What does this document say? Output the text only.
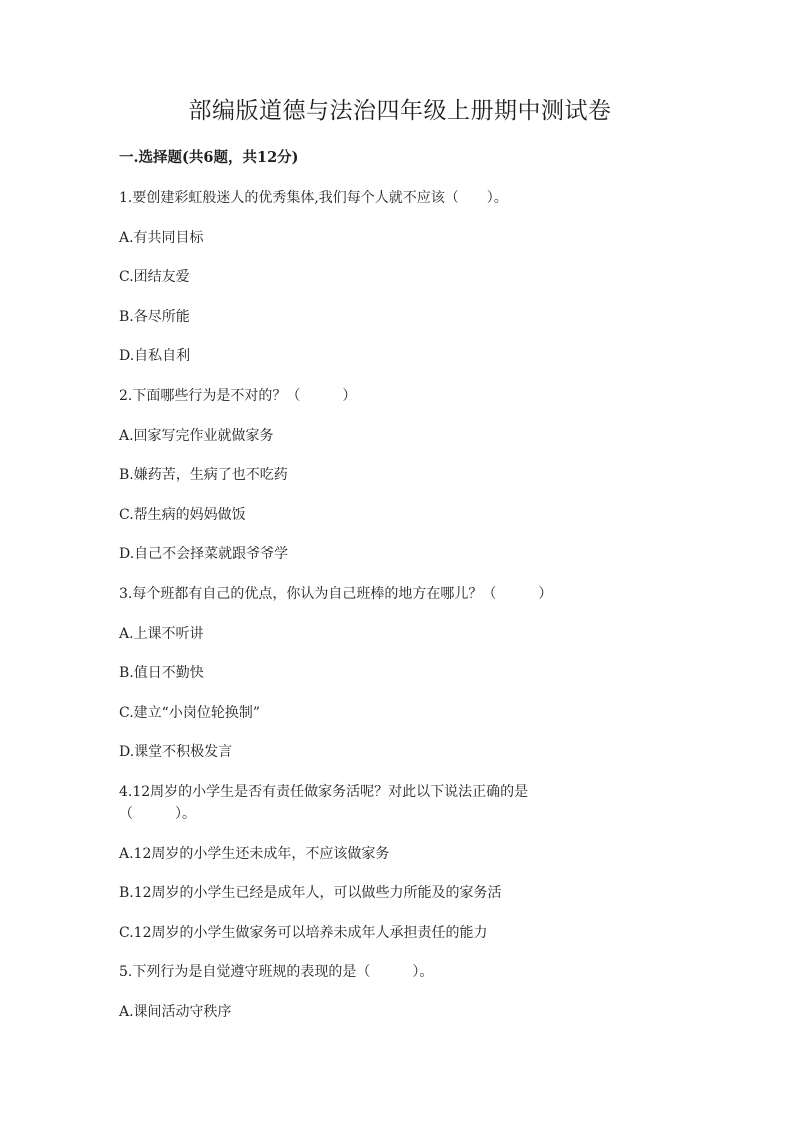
部编版道德与法治四年级上册期中测试卷
一.选择题(共6题，共12分)
1.要创建彩虹般迷人的优秀集体,我们每个人就不应该（　　）。
A.有共同目标
C.团结友爱
B.各尽所能
D.自私自利
2.下面哪些行为是不对的？（　　　）
A.回家写完作业就做家务
B.嫌药苦，生病了也不吃药
C.帮生病的妈妈做饭
D.自己不会择菜就跟爷爷学
3.每个班都有自己的优点，你认为自己班棒的地方在哪儿？（　　　）
A.上课不听讲
B.值日不勤快
C.建立“小岗位轮换制”
D.课堂不积极发言
4.12周岁的小学生是否有责任做家务活呢？对此以下说法正确的是
（　　　）。
A.12周岁的小学生还未成年，不应该做家务
B.12周岁的小学生已经是成年人，可以做些力所能及的家务活
C.12周岁的小学生做家务可以培养未成年人承担责任的能力
5.下列行为是自觉遵守班规的表现的是（　　　）。
A.课间活动守秩序
